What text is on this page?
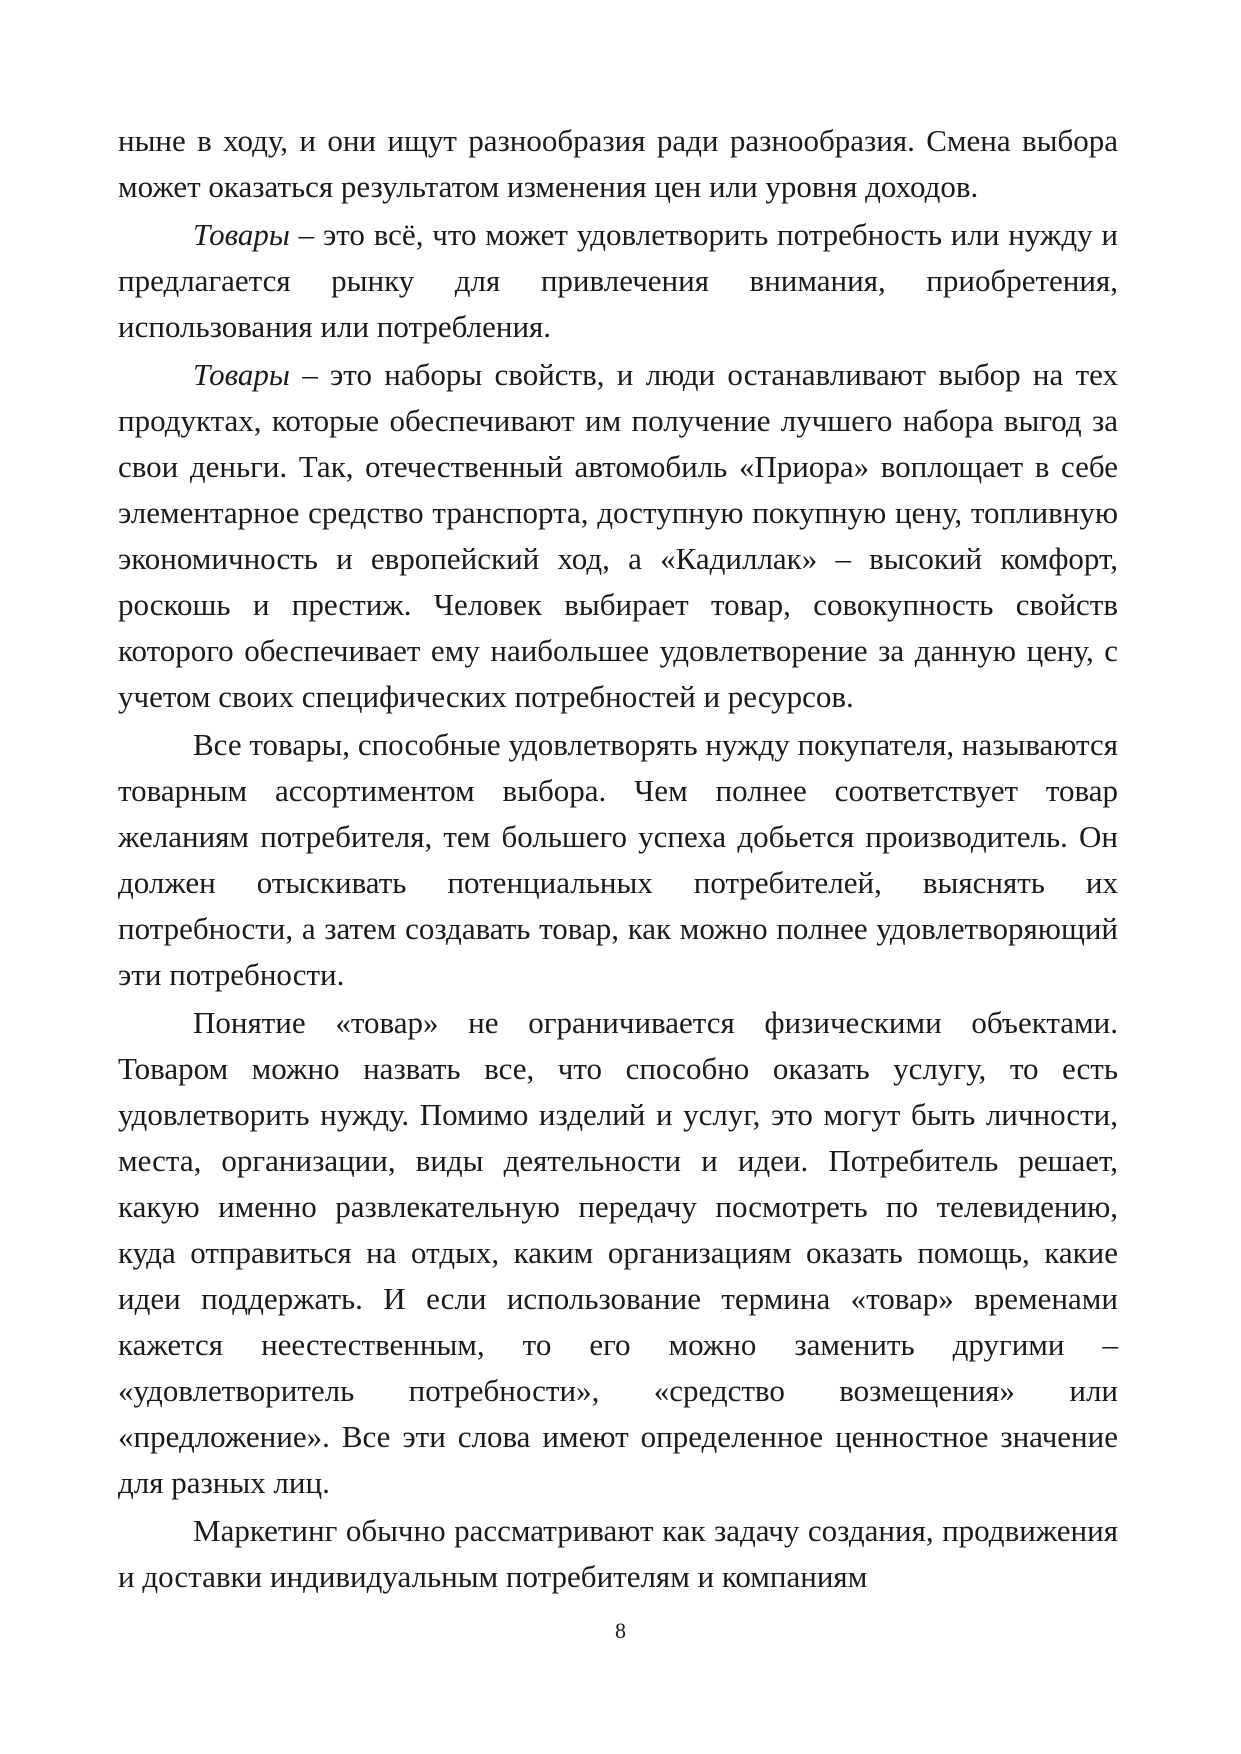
ныне в ходу, и они ищут разнообразия ради разнообразия. Смена выбора может оказаться результатом изменения цен или уровня доходов.

Товары – это всё, что может удовлетворить потребность или нужду и предлагается рынку для привлечения внимания, приобретения, использования или потребления.

Товары – это наборы свойств, и люди останавливают выбор на тех продуктах, которые обеспечивают им получение лучшего набора выгод за свои деньги. Так, отечественный автомобиль «Приора» воплощает в себе элементарное средство транспорта, доступную покупную цену, топливную экономичность и европейский ход, а «Кадиллак» – высокий комфорт, роскошь и престиж. Человек выбирает товар, совокупность свойств которого обеспечивает ему наибольшее удовлетворение за данную цену, с учетом своих специфических потребностей и ресурсов.

Все товары, способные удовлетворять нужду покупателя, называются товарным ассортиментом выбора. Чем полнее соответствует товар желаниям потребителя, тем большего успеха добьется производитель. Он должен отыскивать потенциальных потребителей, выяснять их потребности, а затем создавать товар, как можно полнее удовлетворяющий эти потребности.

Понятие «товар» не ограничивается физическими объектами. Товаром можно назвать все, что способно оказать услугу, то есть удовлетворить нужду. Помимо изделий и услуг, это могут быть личности, места, организации, виды деятельности и идеи. Потребитель решает, какую именно развлекательную передачу посмотреть по телевидению, куда отправиться на отдых, каким организациям оказать помощь, какие идеи поддержать. И если использование термина «товар» временами кажется неестественным, то его можно заменить другими – «удовлетворитель потребности», «средство возмещения» или «предложение». Все эти слова имеют определенное ценностное значение для разных лиц.

Маркетинг обычно рассматривают как задачу создания, продвижения и доставки индивидуальным потребителям и компаниям

8
